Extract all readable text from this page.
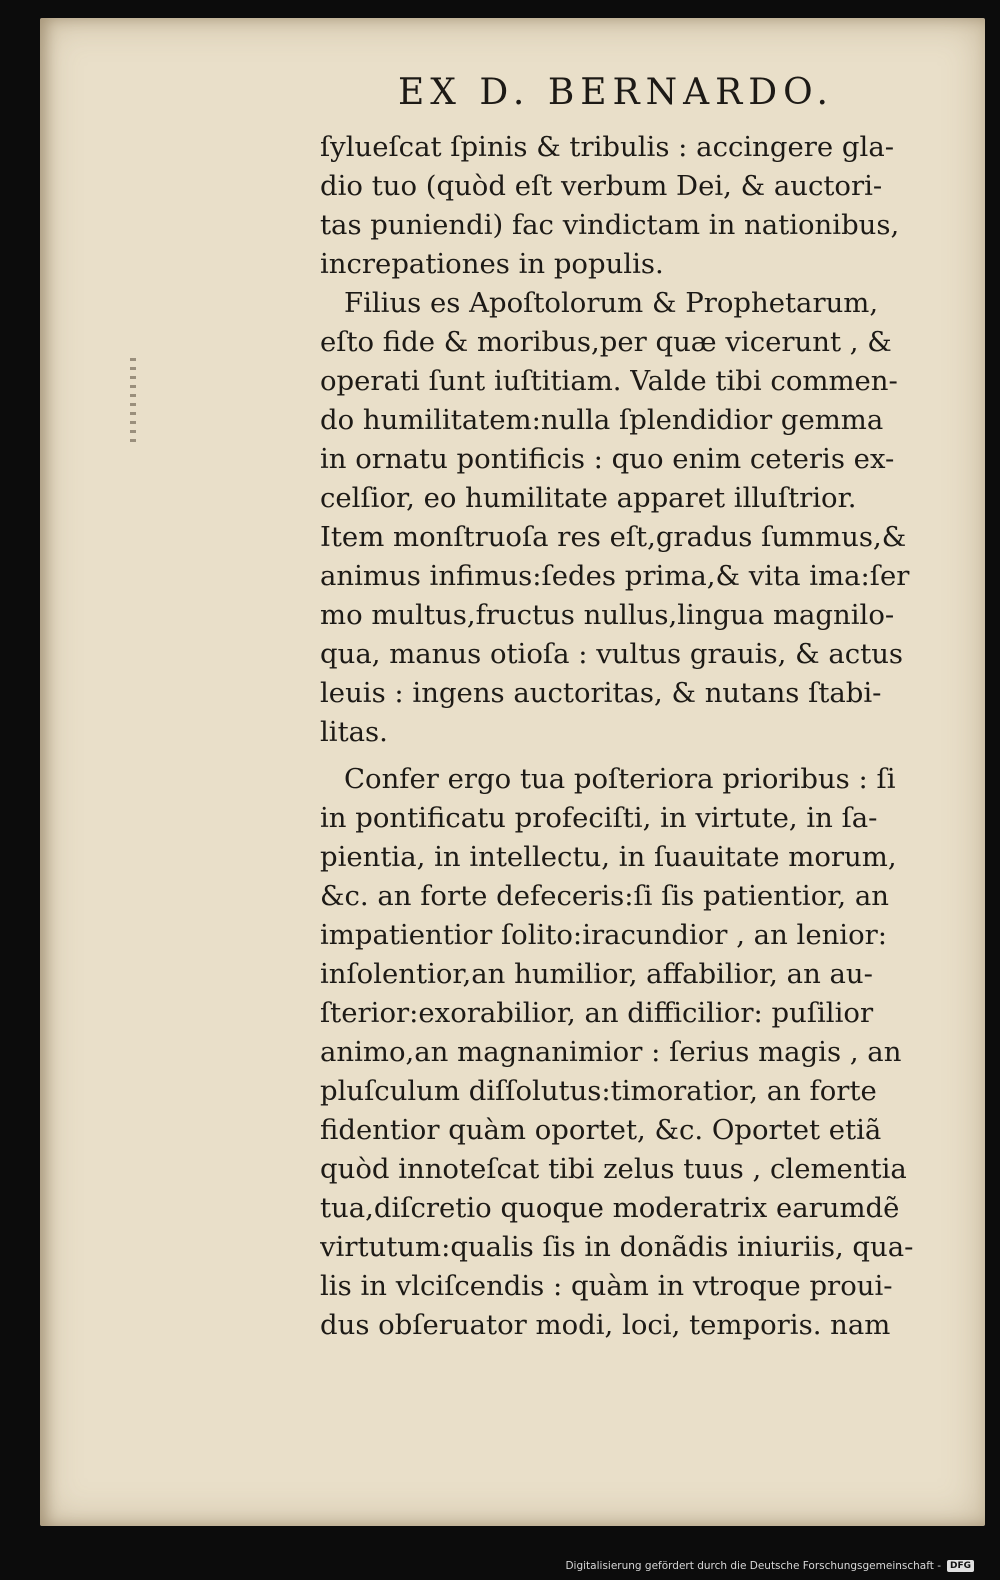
EX D. BERNARDO.
ſylueſcat ſpinis & tribulis : accingere gla-
dio tuo (quòd eſt verbum Dei, & auctori-
tas puniendi) fac vindictam in nationibus,
increpationes in populis.
Filius es Apoſtolorum & Prophetarum,
eſto fide & moribus,per quæ vicerunt , &
operati ſunt iuſtitiam. Valde tibi commen-
do humilitatem:nulla ſplendidior gemma
in ornatu pontificis : quo enim ceteris ex-
celſior, eo humilitate apparet illuſtrior.
Item monſtruoſa res eſt,gradus ſummus,&
animus infimus:ſedes prima,& vita ima:ſer
mo multus,fructus nullus,lingua magnilo-
qua, manus otioſa : vultus grauis, & actus
leuis : ingens auctoritas, & nutans ſtabi-
litas.
Confer ergo tua poſteriora prioribus : ſi
in pontificatu profeciſti, in virtute, in ſa-
pientia, in intellectu, in ſuauitate morum,
&c. an forte defeceris:ſi ſis patientior, an
impatientior ſolito:iracundior , an lenior:
inſolentior,an humilior, affabilior, an au-
ſterior:exorabilior, an difficilior: puſilior
animo,an magnanimior : ſerius magis , an
pluſculum diſſolutus:timoratior, an forte
fidentior quàm oportet, &c. Oportet etiã
quòd innoteſcat tibi zelus tuus , clementia
tua,diſcretio quoque moderatrix earumdẽ
virtutum:qualis ſis in donãdis iniuriis, qua-
lis in vlciſcendis : quàm in vtroque proui-
dus obſeruator modi, loci, temporis. nam
Digitalisierung gefördert durch die Deutsche Forschungsgemeinschaft -	DFG
